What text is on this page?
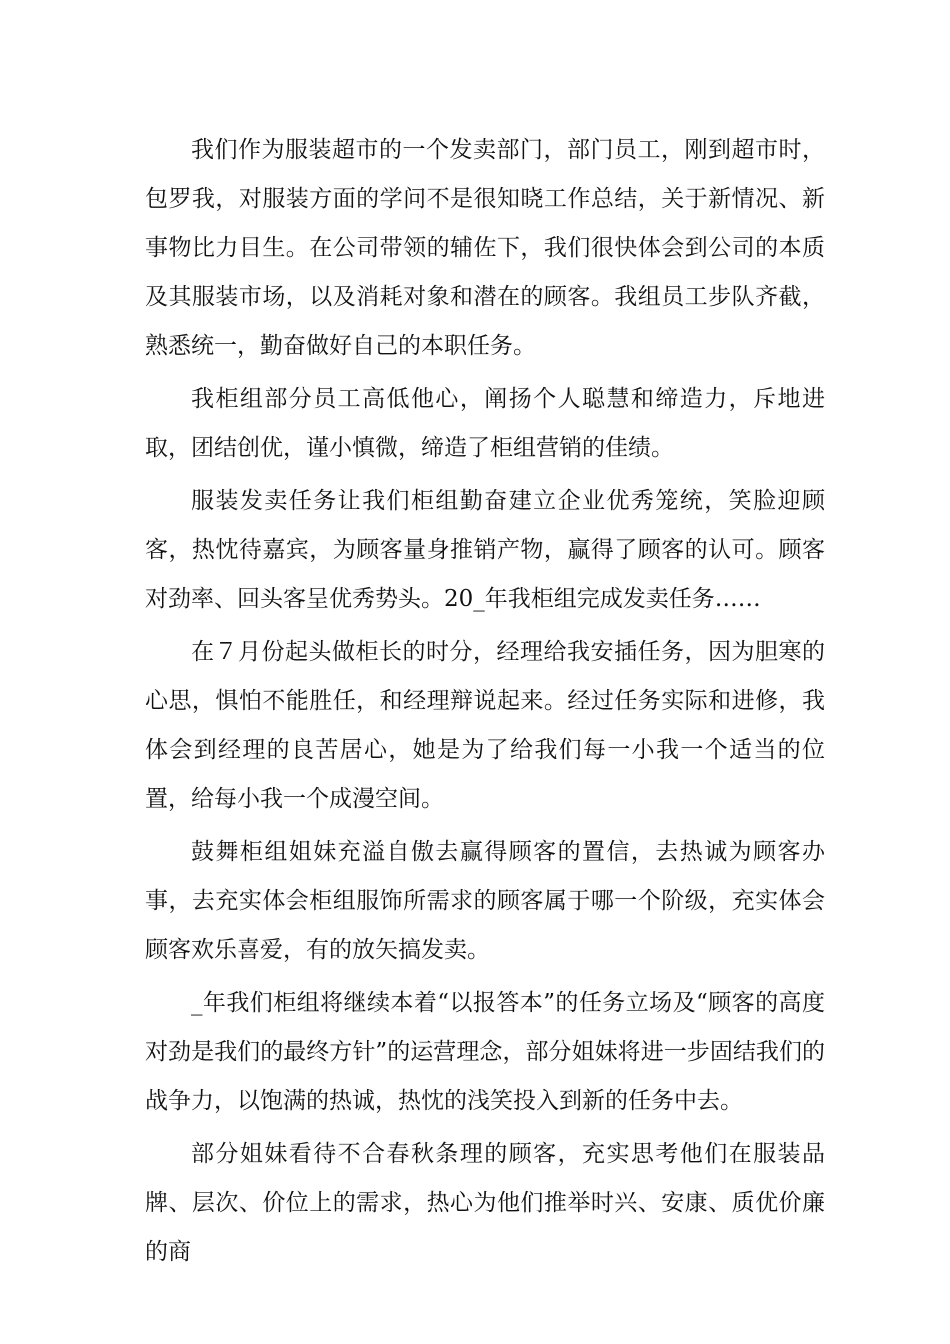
我们作为服装超市的一个发卖部门，部门员工，刚到超市时，包罗我，对服装方面的学问不是很知晓工作总结，关于新情况、新事物比力目生。在公司带领的辅佐下，我们很快体会到公司的本质及其服装市场，以及消耗对象和潜在的顾客。我组员工步队齐截，熟悉统一，勤奋做好自己的本职任务。

我柜组部分员工高低他心，阐扬个人聪慧和缔造力，斥地进取，团结创优，谨小慎微，缔造了柜组营销的佳绩。

服装发卖任务让我们柜组勤奋建立企业优秀笼统，笑脸迎顾客，热忱待嘉宾，为顾客量身推销产物，赢得了顾客的认可。顾客对劲率、回头客呈优秀势头。20_年我柜组完成发卖任务……

在７月份起头做柜长的时分，经理给我安插任务，因为胆寒的心思，惧怕不能胜任，和经理辩说起来。经过任务实际和进修，我体会到经理的良苦居心，她是为了给我们每一小我一个适当的位置，给每小我一个成漫空间。

鼓舞柜组姐妹充溢自傲去赢得顾客的置信，去热诚为顾客办事，去充实体会柜组服饰所需求的顾客属于哪一个阶级，充实体会顾客欢乐喜爱，有的放矢搞发卖。

_年我们柜组将继续本着“以报答本”的任务立场及“顾客的高度对劲是我们的最终方针”的运营理念，部分姐妹将进一步固结我们的战争力，以饱满的热诚，热忱的浅笑投入到新的任务中去。

部分姐妹看待不合春秋条理的顾客，充实思考他们在服装品牌、层次、价位上的需求，热心为他们推举时兴、安康、质优价廉的商
